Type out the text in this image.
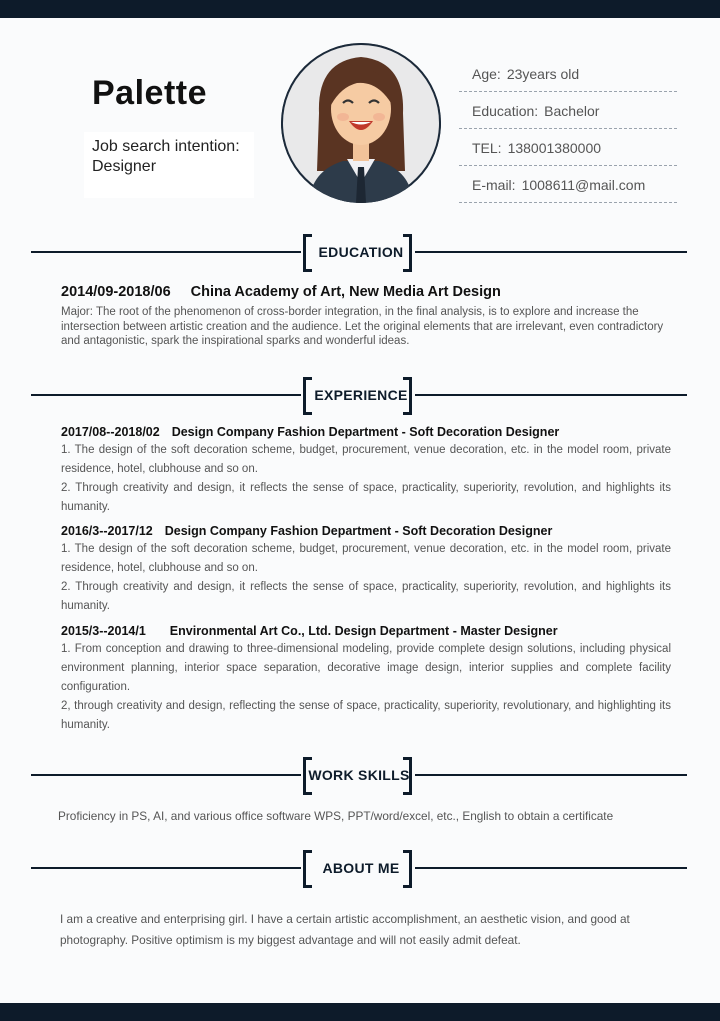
Palette
Job search intention: Designer
Age: 23years old
Education: Bachelor
TEL: 138001380000
E-mail: 1008611@mail.com
EDUCATION
2014/09-2018/06 China Academy of Art, New Media Art Design
Major: The root of the phenomenon of cross-border integration, in the final analysis, is to explore and increase the intersection between artistic creation and the audience. Let the original elements that are irrelevant, even contradictory and antagonistic, spark the inspirational sparks and wonderful ideas.
EXPERIENCE
2017/08--2018/02 Design Company Fashion Department - Soft Decoration Designer

1. The design of the soft decoration scheme, budget, procurement, venue decoration, etc. in the model room, private residence, hotel, clubhouse and so on.

2. Through creativity and design, it reflects the sense of space, practicality, superiority, revolution, and highlights its humanity.

2016/3--2017/12 Design Company Fashion Department - Soft Decoration Designer

1. The design of the soft decoration scheme, budget, procurement, venue decoration, etc. in the model room, private residence, hotel, clubhouse and so on.

2. Through creativity and design, it reflects the sense of space, practicality, superiority, revolution, and highlights its humanity.

2015/3--2014/1 Environmental Art Co., Ltd. Design Department - Master Designer

1. From conception and drawing to three-dimensional modeling, provide complete design solutions, including physical environment planning, interior space separation, decorative image design, interior supplies and complete facility configuration.

2, through creativity and design, reflecting the sense of space, practicality, superiority, revolutionary, and highlighting its humanity.

WORK SKILLS
Proficiency in PS, AI, and various office software WPS, PPT/word/excel, etc., English to obtain a certificate
ABOUT ME
I am a creative and enterprising girl. I have a certain artistic accomplishment, an aesthetic vision, and good at photography. Positive optimism is my biggest advantage and will not easily admit defeat.
